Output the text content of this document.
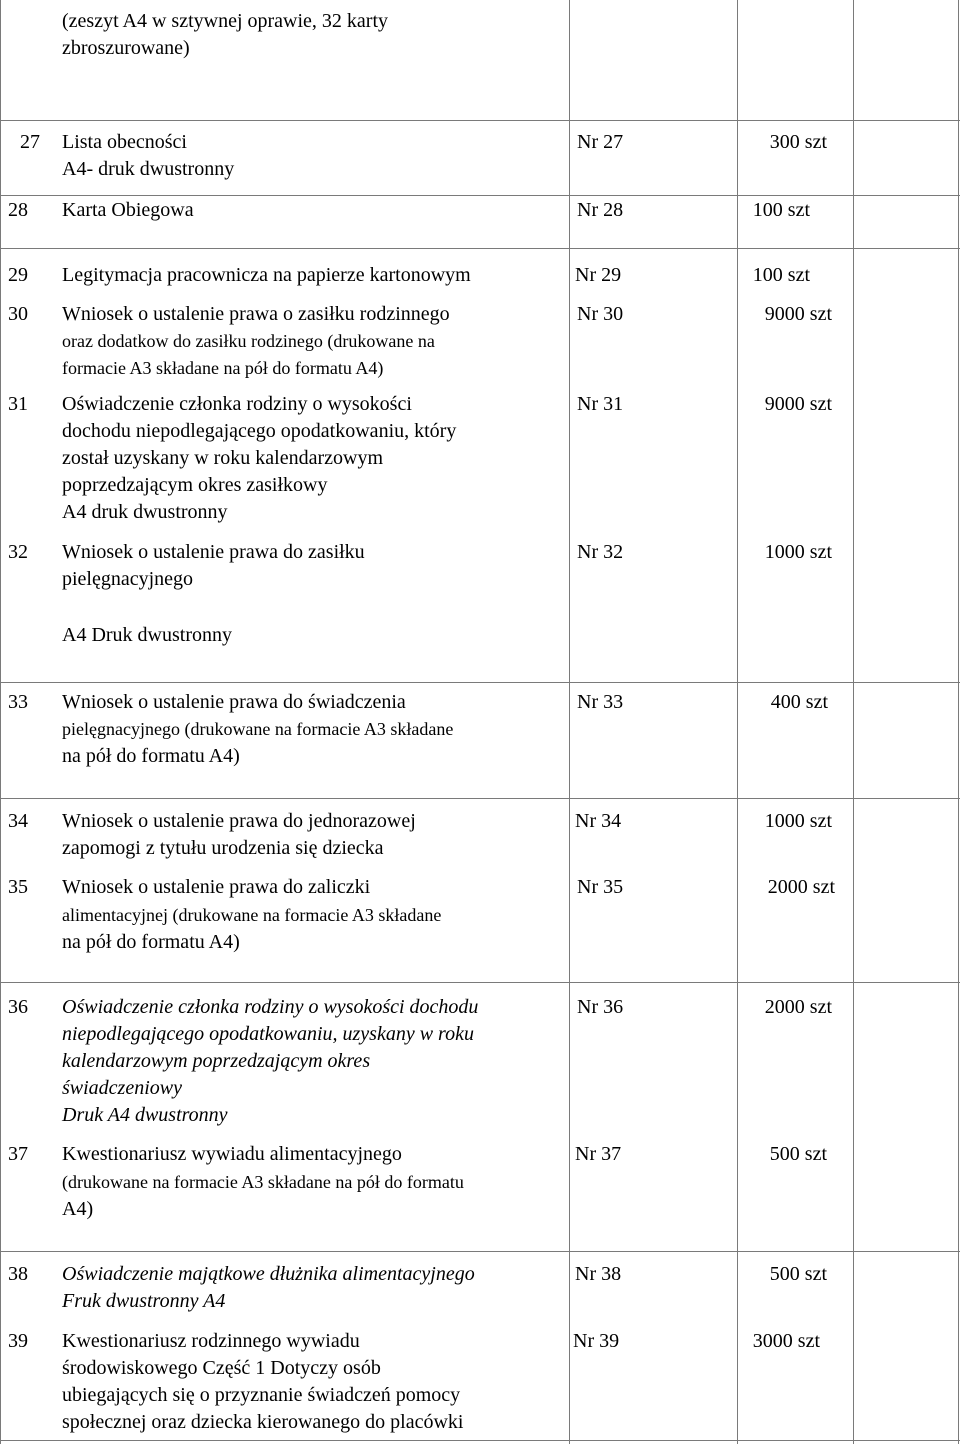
(zeszyt A4 w sztywnej oprawie, 32 karty
zbroszurowane)
27 Lista obecności
A4- druk dwustronny
Nr 27	300 szt
28 Karta Obiegowa	Nr 28	100 szt
29 Legitymacja pracownicza na papierze kartonowym	Nr 29	100 szt
30 Wniosek o ustalenie prawa o zasiłku rodzinnego
oraz dodatkow do zasiłku rodzinego (drukowane na
formacie A3 składane na pół do formatu A4)
Nr 30	9000 szt
31 Oświadczenie członka rodziny o wysokości
dochodu niepodlegającego opodatkowaniu, który
został uzyskany w roku kalendarzowym
poprzedzającym okres zasiłkowy
A4 druk dwustronny
Nr 31	9000 szt
32 Wniosek o ustalenie prawa do zasiłku
pielęgnacyjnego
A4 Druk dwustronny
Nr 32	1000 szt
33 Wniosek o ustalenie prawa do świadczenia
pielęgnacyjnego (drukowane na formacie A3 składane
na pół do formatu A4)
Nr 33	400 szt
34 Wniosek o ustalenie prawa do jednorazowej
zapomogi z tytułu urodzenia się dziecka
Nr 34	1000 szt
35 Wniosek o ustalenie prawa do zaliczki
alimentacyjnej (drukowane na formacie A3 składane
na pół do formatu A4)
Nr 35	2000 szt
36 Oświadczenie członka rodziny o wysokości dochodu
niepodlegającego opodatkowaniu, uzyskany w roku
kalendarzowym poprzedzającym okres
świadczeniowy
Druk A4 dwustronny
Nr 36	2000 szt
37 Kwestionariusz wywiadu alimentacyjnego
(drukowane na formacie A3 składane na pół do formatu
A4)
Nr 37	500 szt
38 Oświadczenie majątkowe dłużnika alimentacyjnego
Fruk dwustronny A4
Nr 38	500 szt
39 Kwestionariusz rodzinnego wywiadu
środowiskowego Część 1 Dotyczy osób
ubiegających się o przyznanie świadczeń pomocy
społecznej oraz dziecka kierowanego do placówki
Nr 39	3000 szt
